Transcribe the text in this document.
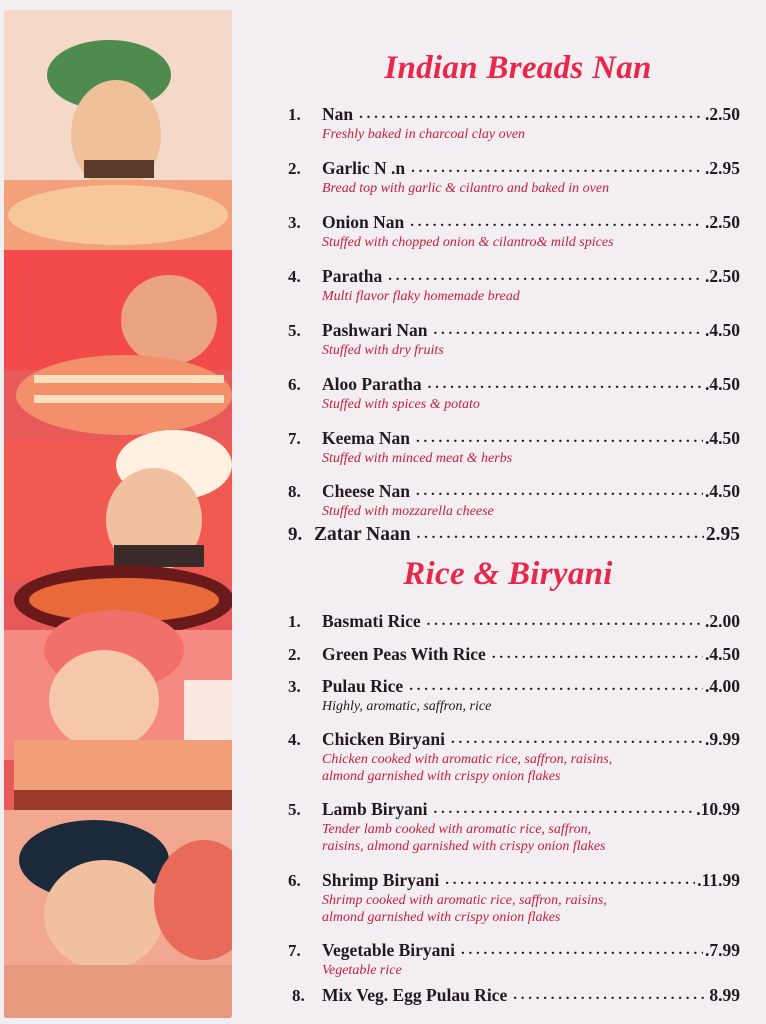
Indian Breads Nan
1.	Nan . . .	.2.50
Freshly baked in charcoal clay oven
2.	Garlic N .n . . .	.2.95
Bread top with garlic & cilantro and baked in oven
3.	Onion Nan . . .	.2.50
Stuffed with chopped onion & cilantro& mild spices
4.	Paratha . . .	.2.50
Multi flavor flaky homemade bread
5.	Pashwari Nan . . .	.4.50
Stuffed with dry fruits
6.	Aloo Paratha . . .	.4.50
Stuffed with spices & potato
7.	Keema Nan . . .	.4.50
Stuffed with minced meat & herbs
8.	Cheese Nan . . .	.4.50
Stuffed with mozzarella cheese
9. Zatar Naan . . .	2.95
Rice & Biryani
1.	Basmati Rice . . .	.2.00
2.	Green Peas With Rice . . .	.4.50
3.	Pulau Rice . . .	.4.00
Highly, aromatic, saffron, rice
4.	Chicken Biryani . . .	.9.99
Chicken cooked with aromatic rice, saffron, raisins,
almond garnished with crispy onion flakes
5.	Lamb Biryani . . .	.10.99
Tender lamb cooked with aromatic rice, saffron,
raisins, almond garnished with crispy onion flakes
6.	Shrimp Biryani . . .	.11.99
Shrimp cooked with aromatic rice, saffron, raisins,
almond garnished with crispy onion flakes
7.	Vegetable Biryani . . .	.7.99
Vegetable rice
8. Mix Veg. Egg Pulau Rice . . .	8.99
